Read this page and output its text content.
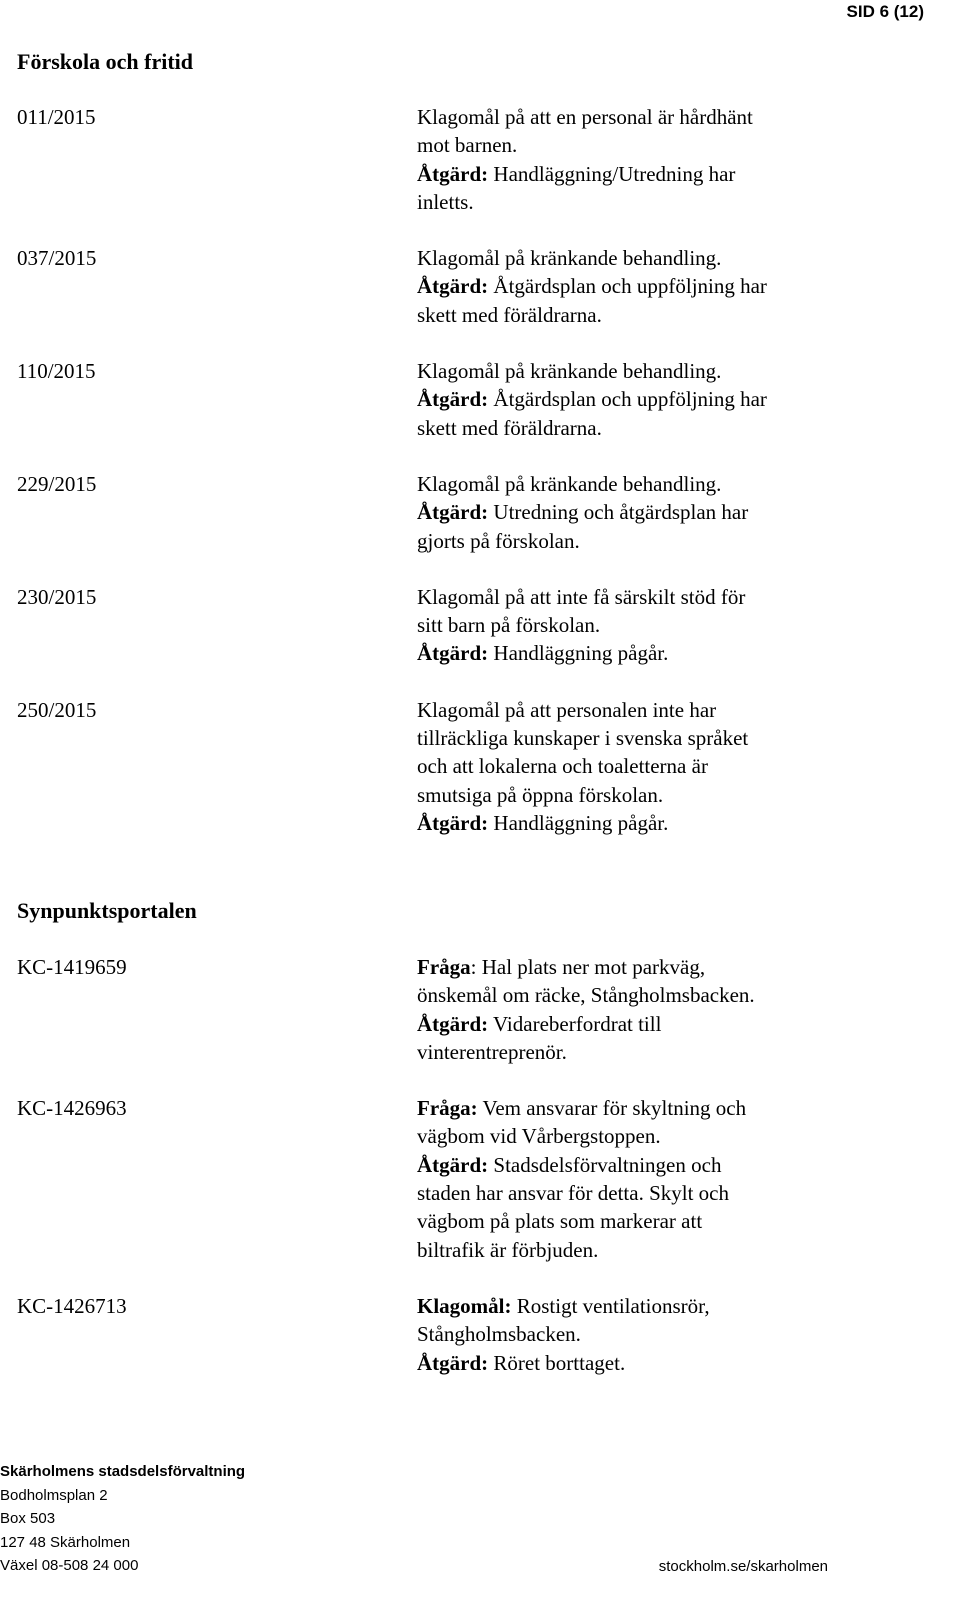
SID 6 (12)
Förskola och fritid
011/2015	Klagomål på att en personal är hårdhänt
mot barnen.
Åtgärd: Handläggning/Utredning har
inletts.
037/2015	Klagomål på kränkande behandling.
Åtgärd: Åtgärdsplan och uppföljning har
skett med föräldrarna.
110/2015	Klagomål på kränkande behandling.
Åtgärd: Åtgärdsplan och uppföljning har
skett med föräldrarna.
229/2015	Klagomål på kränkande behandling.
Åtgärd: Utredning och åtgärdsplan har
gjorts på förskolan.
230/2015	Klagomål på att inte få särskilt stöd för
sitt barn på förskolan.
Åtgärd: Handläggning pågår.
250/2015	Klagomål på att personalen inte har
tillräckliga kunskaper i svenska språket
och att lokalerna och toaletterna är
smutsiga på öppna förskolan.
Åtgärd: Handläggning pågår.
Synpunktsportalen
KC-1419659	Fråga: Hal plats ner mot parkväg,
önskemål om räcke, Stångholmsbacken.
Åtgärd: Vidareberfordrat till
vinterentreprenör.
KC-1426963	Fråga: Vem ansvarar för skyltning och
vägbom vid Vårbergstoppen.
Åtgärd: Stadsdelsförvaltningen och
staden har ansvar för detta. Skylt och
vägbom på plats som markerar att
biltrafik är förbjuden.
KC-1426713	Klagomål: Rostigt ventilationsrör,
Stångholmsbacken.
Åtgärd: Röret borttaget.
Skärholmens stadsdelsförvaltning
Bodholmsplan 2
Box 503
127 48 Skärholmen
Växel 08-508 24 000	stockholm.se/skarholmen
